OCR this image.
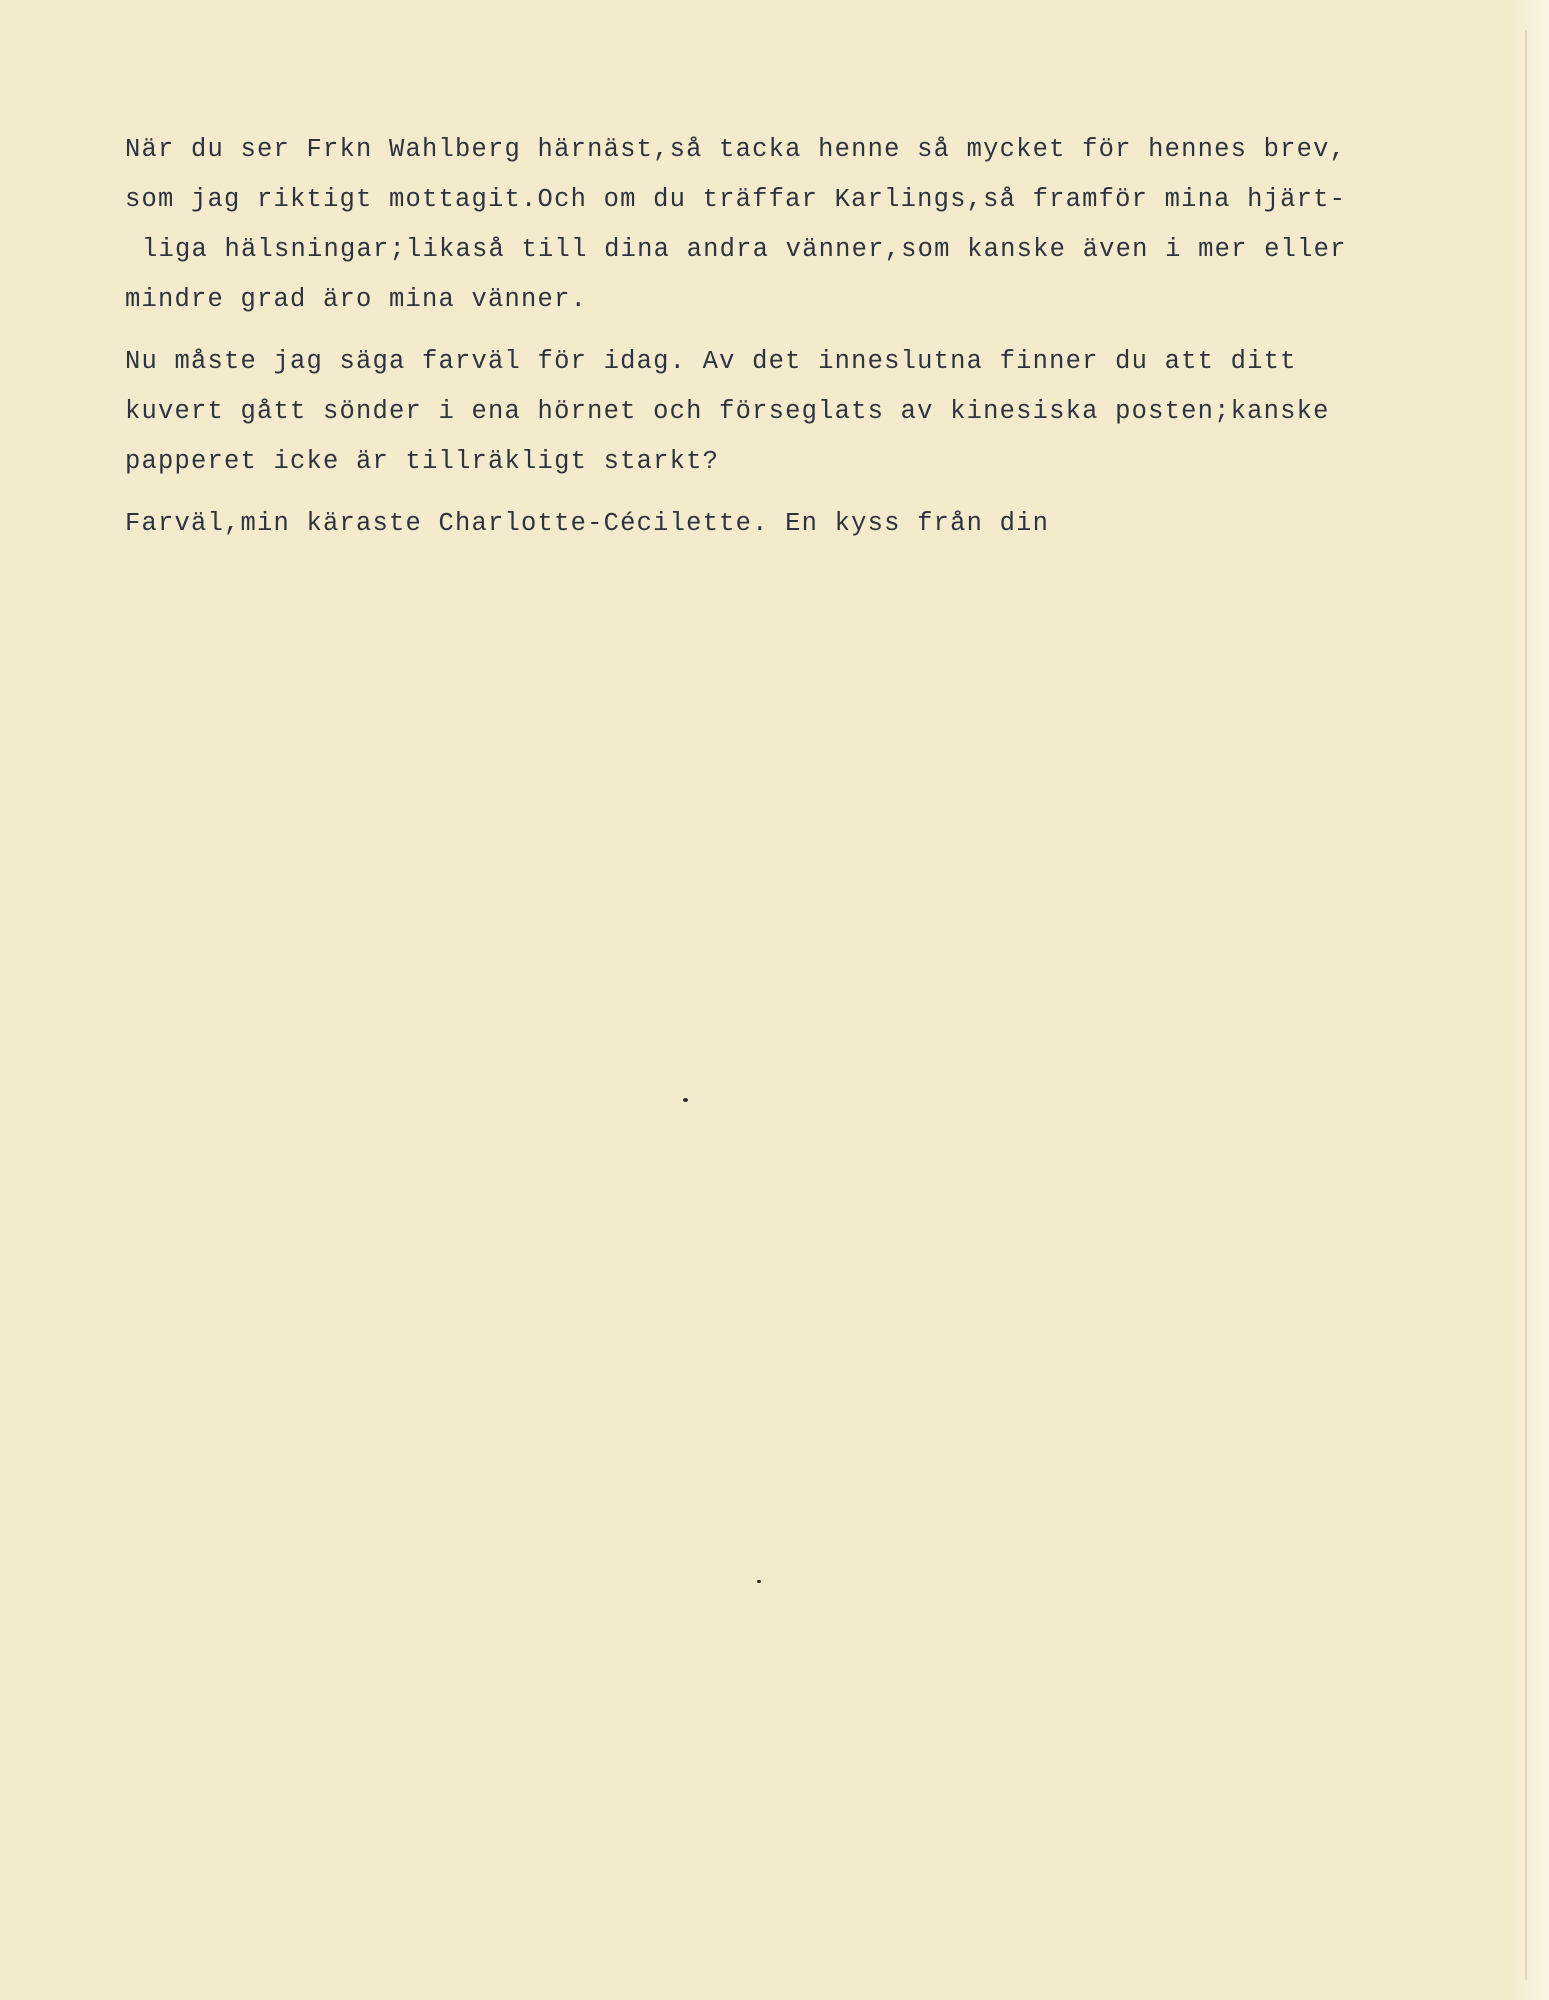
När du ser Frkn Wahlberg härnäst,så tacka henne så mycket för hennes brev,
som jag riktigt mottagit.Och om du träffar Karlings,så framför mina hjärt-
liga hälsningar;likaså till dina andra vänner,som kanske även i mer eller
mindre grad äro mina vänner.
Nu måste jag säga farväl för idag. Av det inneslutna finner du att ditt
kuvert gått sönder i ena hörnet och förseglats av kinesiska posten;kanske
papperet icke är tillräkligt starkt?
Farväl,min käraste Charlotte-Cécilette. En kyss från din
